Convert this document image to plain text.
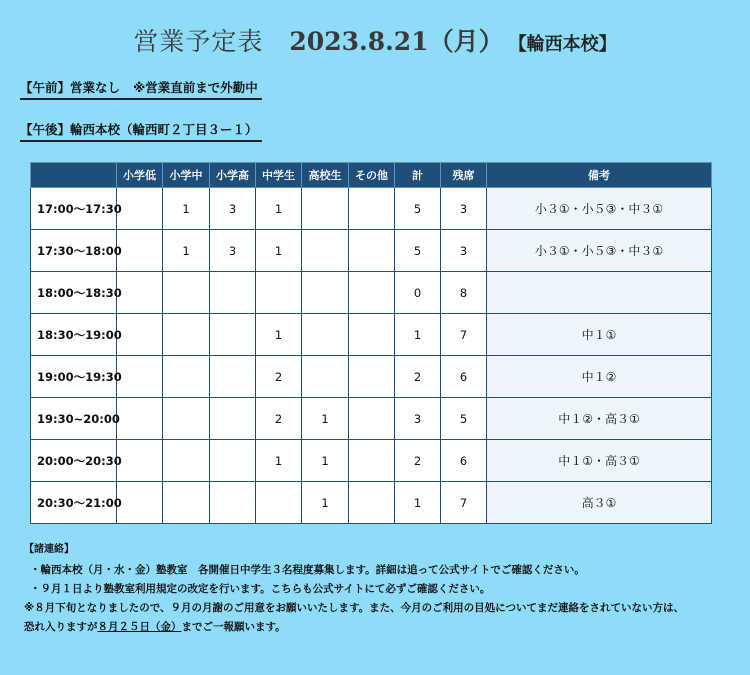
営業予定表 2023.8.21（月） 【輪西本校】
【午前】営業なし ※営業直前まで外勤中
【午後】輪西本校（輪西町２丁目３ー１）
	小学低	小学中	小学高	中学生	高校生	その他	計	残席	備考
17:00〜17:30		1	3	1			5	3	小３①・小５③・中３①
17:30〜18:00		1	3	1			5	3	小３①・小５③・中３①
18:00〜18:30							0	8	
18:30〜19:00				1			1	7	中１①
19:00〜19:30				2			2	6	中１②
19:30~20:00				2	1		3	5	中１②・高３①
20:00〜20:30				1	1		2	6	中１①・高３①
20:30〜21:00					1		1	7	高３①
【諸連絡】
・輪西本校（月・水・金）塾教室　各開催日中学生３名程度募集します。詳細は追って公式サイトでご確認ください。
・９月１日より塾教室利用規定の改定を行います。こちらも公式サイトにて必ずご確認ください。
※８月下旬となりましたので、９月の月謝のご用意をお願いいたします。また、今月のご利用の目処についてまだ連絡をされていない方は、
恐れ入りますが８月２５日（金）までご一報願います。
